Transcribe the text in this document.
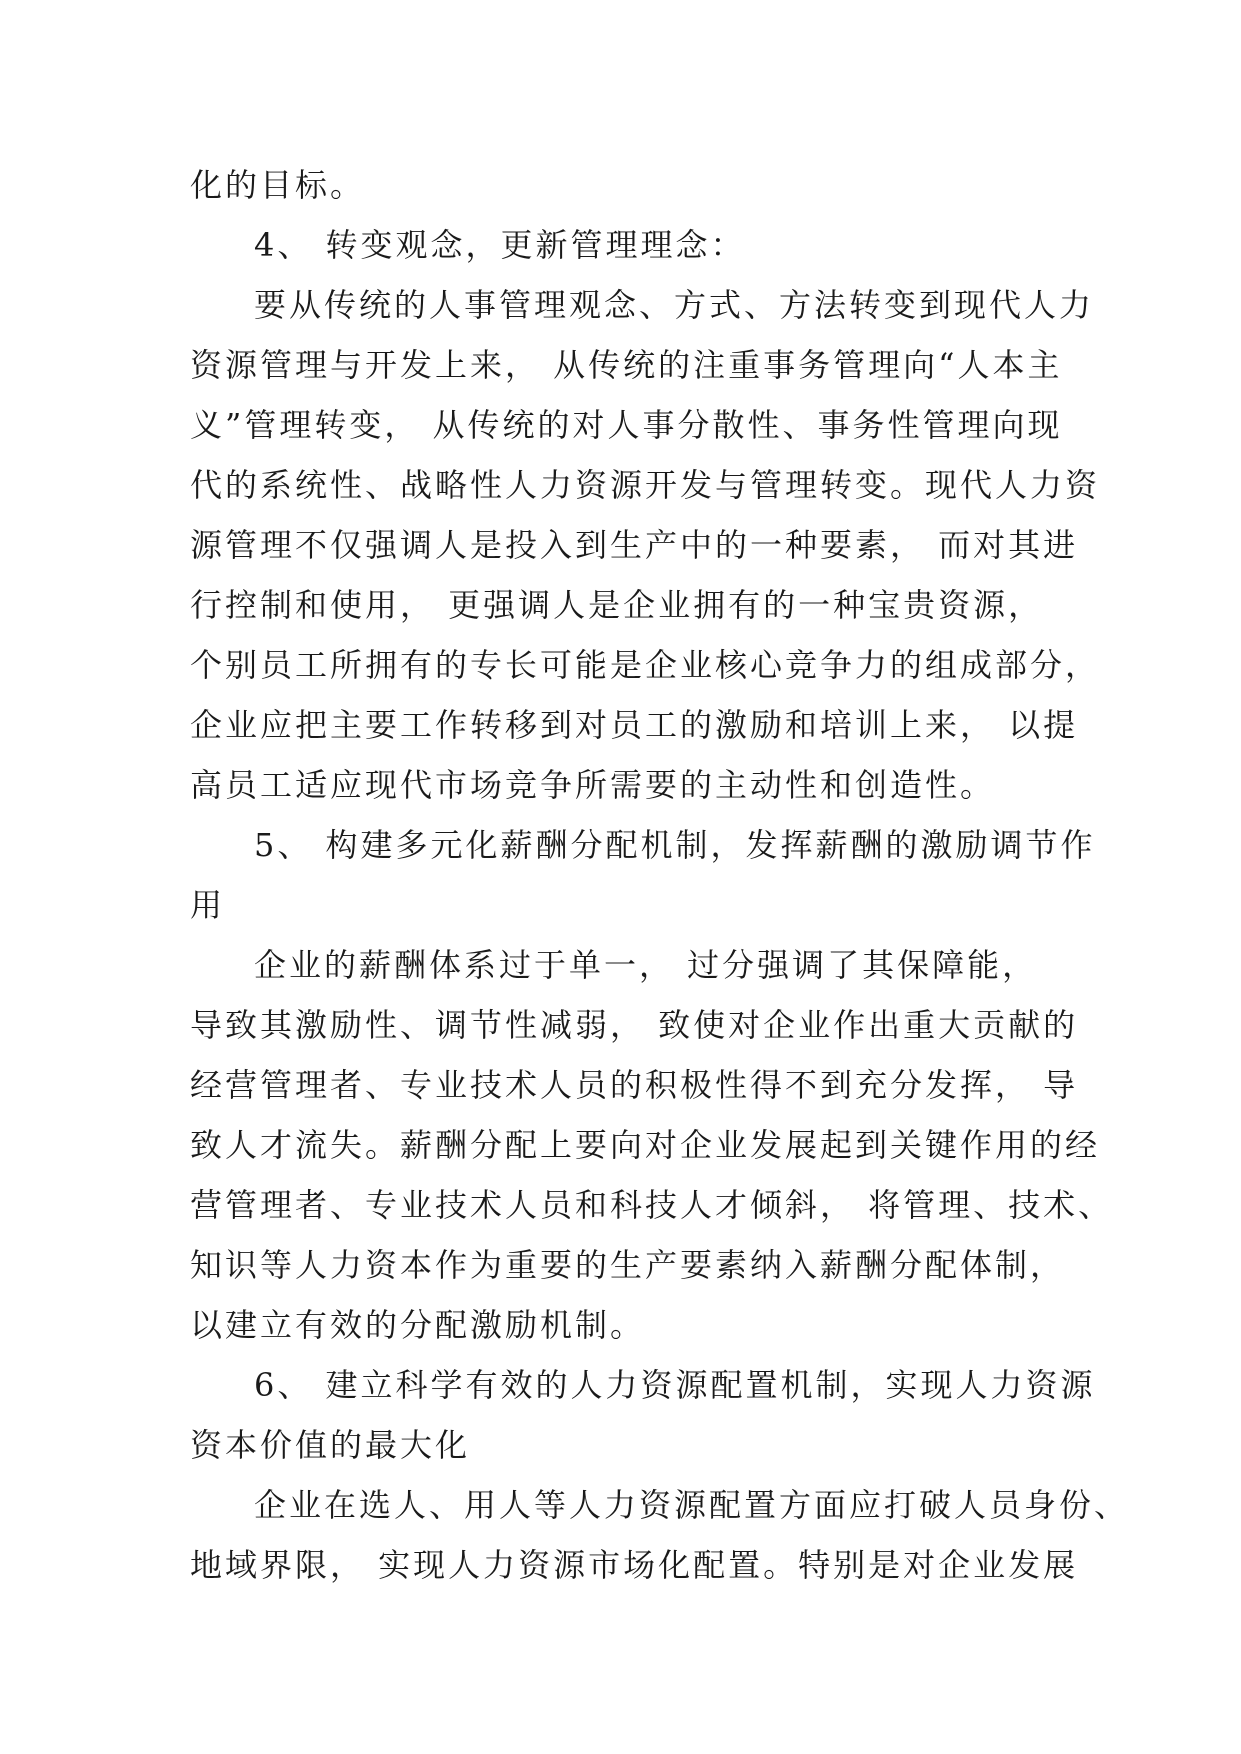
化的目标。
4、 转变观念，更新管理理念：
要从传统的人事管理观念、方式、方法转变到现代人力
资源管理与开发上来， 从传统的注重事务管理向“人本主
义”管理转变， 从传统的对人事分散性、事务性管理向现
代的系统性、战略性人力资源开发与管理转变。现代人力资
源管理不仅强调人是投入到生产中的一种要素， 而对其进
行控制和使用， 更强调人是企业拥有的一种宝贵资源，
个别员工所拥有的专长可能是企业核心竞争力的组成部分，
企业应把主要工作转移到对员工的激励和培训上来， 以提
高员工适应现代市场竞争所需要的主动性和创造性。
5、 构建多元化薪酬分配机制，发挥薪酬的激励调节作
用
企业的薪酬体系过于单一， 过分强调了其保障能，
导致其激励性、调节性减弱， 致使对企业作出重大贡献的
经营管理者、专业技术人员的积极性得不到充分发挥， 导
致人才流失。薪酬分配上要向对企业发展起到关键作用的经
营管理者、专业技术人员和科技人才倾斜， 将管理、技术、
知识等人力资本作为重要的生产要素纳入薪酬分配体制，
以建立有效的分配激励机制。
6、 建立科学有效的人力资源配置机制，实现人力资源
资本价值的最大化
企业在选人、用人等人力资源配置方面应打破人员身份、
地域界限， 实现人力资源市场化配置。特别是对企业发展
